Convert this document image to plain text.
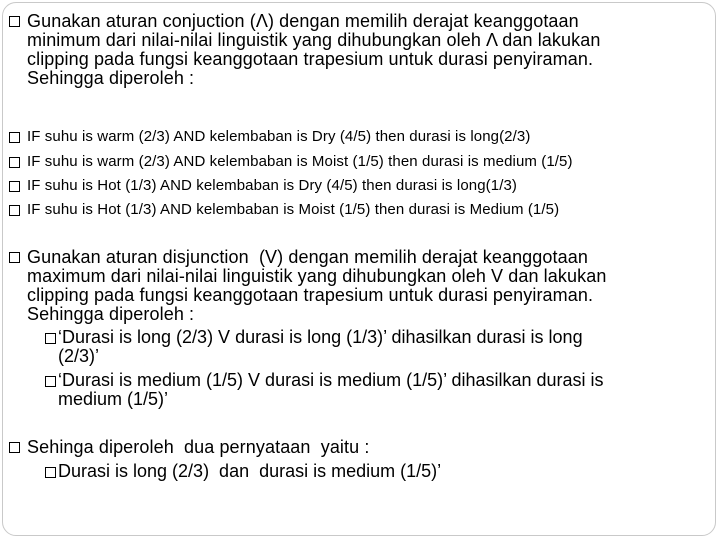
Gunakan aturan conjuction (Λ) dengan memilih derajat keanggotaan
minimum dari nilai-nilai linguistik yang dihubungkan oleh Λ dan lakukan
clipping pada fungsi keanggotaan trapesium untuk durasi penyiraman.
Sehingga diperoleh :
IF suhu is warm (2/3) AND kelembaban is Dry (4/5) then durasi is long(2/3)
IF suhu is warm (2/3) AND kelembaban is Moist (1/5) then durasi is medium (1/5)
IF suhu is Hot (1/3) AND kelembaban is Dry (4/5) then durasi is long(1/3)
IF suhu is Hot (1/3) AND kelembaban is Moist (1/5) then durasi is Medium (1/5)
Gunakan aturan disjunction  (V) dengan memilih derajat keanggotaan
maximum dari nilai-nilai linguistik yang dihubungkan oleh V dan lakukan
clipping pada fungsi keanggotaan trapesium untuk durasi penyiraman.
Sehingga diperoleh :
‘Durasi is long (2/3) V durasi is long (1/3)’ dihasilkan durasi is long
(2/3)’
‘Durasi is medium (1/5) V durasi is medium (1/5)’ dihasilkan durasi is
medium (1/5)’
Sehinga diperoleh  dua pernyataan  yaitu :
Durasi is long (2/3)  dan  durasi is medium (1/5)’
